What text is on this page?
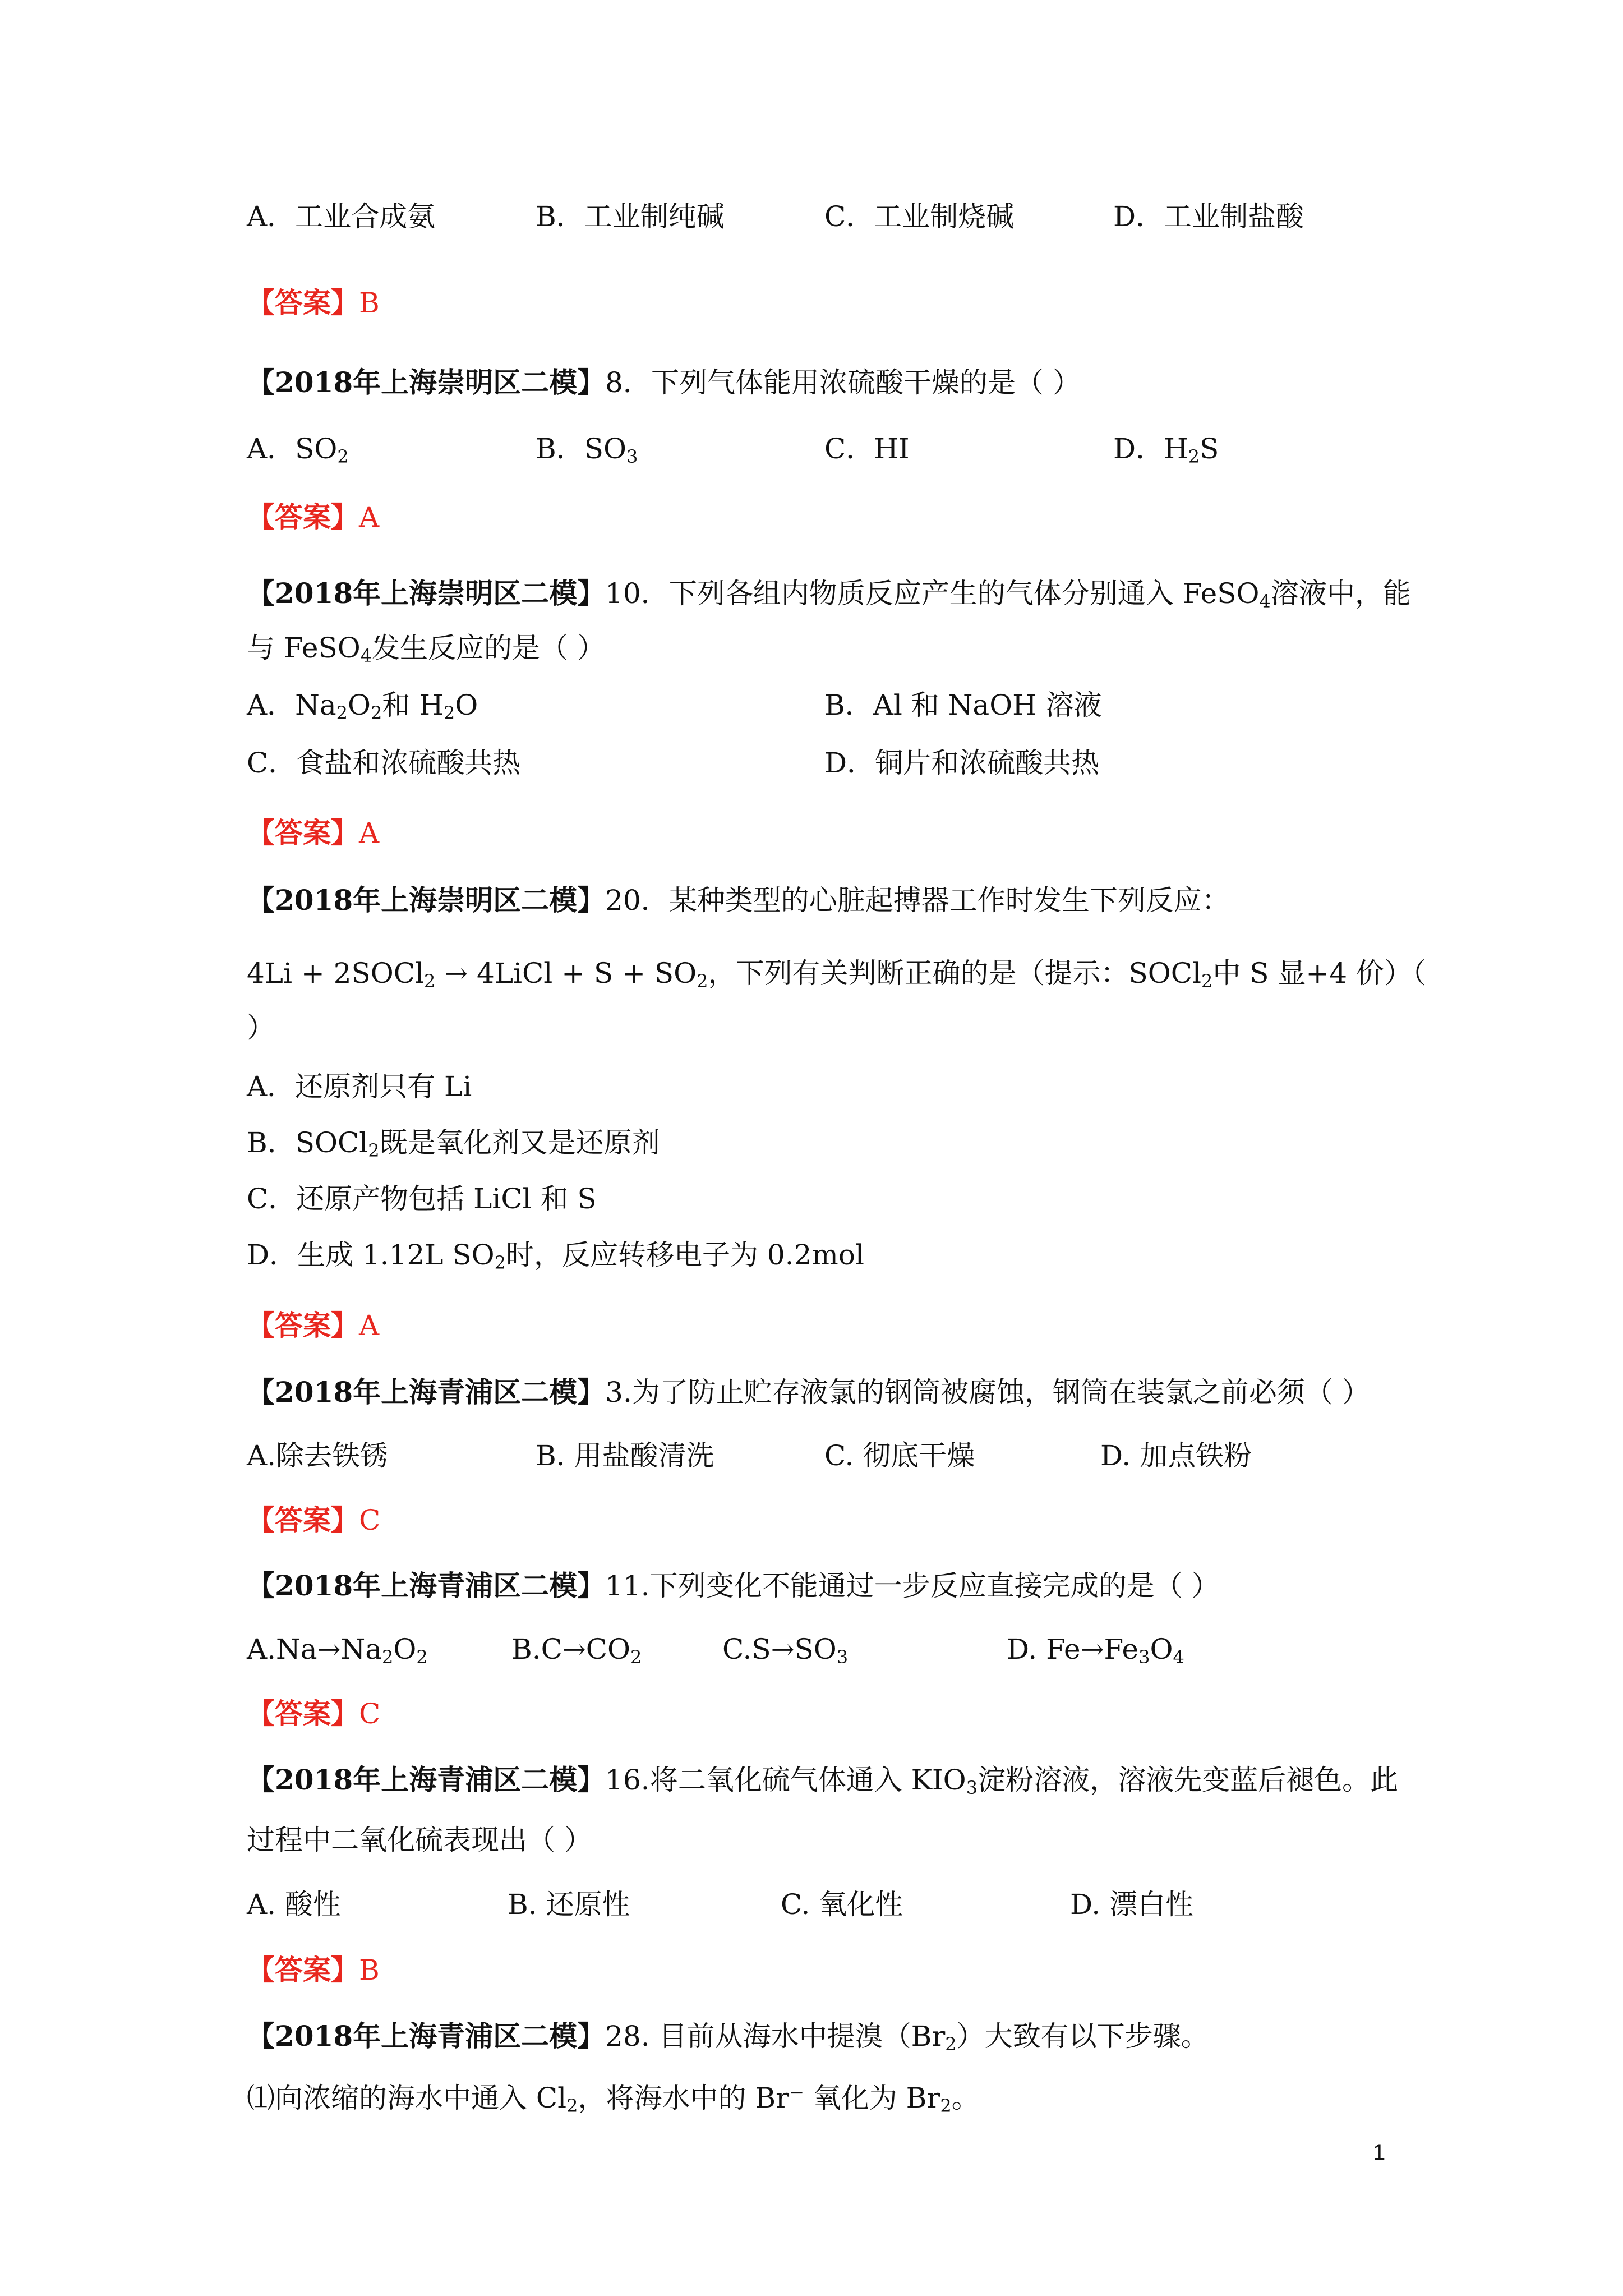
A．工业合成氨	B．工业制纯碱	C．工业制烧碱	D．工业制盐酸
【答案】B
【2018年上海崇明区二模】8．下列气体能用浓硫酸干燥的是（ ）
A．$SO_2$	B．$SO_3$	C．HI	D．$H_2S$
【答案】A
【2018年上海崇明区二模】10．下列各组内物质反应产生的气体分别通入 FeSO$_4$溶液中，能
与 FeSO$_4$发生反应的是（ ）
A．$Na_2O_2$和 $H_2O$	B．Al 和 NaOH 溶液
C．食盐和浓硫酸共热	D．铜片和浓硫酸共热
【答案】A
【2018年上海崇明区二模】20．某种类型的心脏起搏器工作时发生下列反应：
4Li + 2SOCl$_2$ → 4LiCl + $S + SO_2$，下列有关判断正确的是（提示：SOCl$_2$中 S 显+4 价）（
）
A．还原剂只有 Li
B．SOCl$_2$既是氧化剂又是还原剂
C．还原产物包括 LiCl 和 S
D．生成 1.12L $SO_2$时，反应转移电子为 0.2mol
【答案】A
【2018年上海青浦区二模】3.为了防止贮存液氯的钢筒被腐蚀，钢筒在装氯之前必须（ ）
A.除去铁锈	B. 用盐酸清洗	C. 彻底干燥	D. 加点铁粉
【答案】C
【2018年上海青浦区二模】11.下列变化不能通过一步反应直接完成的是（ ）
$A.Na\to Na_2O_2$	$B.C\to CO_2$	$C.S\to SO_3$	D. $Fe\to Fe_3O_4$
【答案】C
【2018年上海青浦区二模】16.将二氧化硫气体通入 $KIO_3$淀粉溶液，溶液先变蓝后褪色。此
过程中二氧化硫表现出（ ）
A. 酸性	B. 还原性	C. 氧化性	D. 漂白性
【答案】B
【2018年上海青浦区二模】28. 目前从海水中提溴$(Br_2)$大致有以下步骤。
⑴向浓缩的海水中通入 $Cl_2$，将海水中的 Br− 氧化为 $Br_2$。
1
